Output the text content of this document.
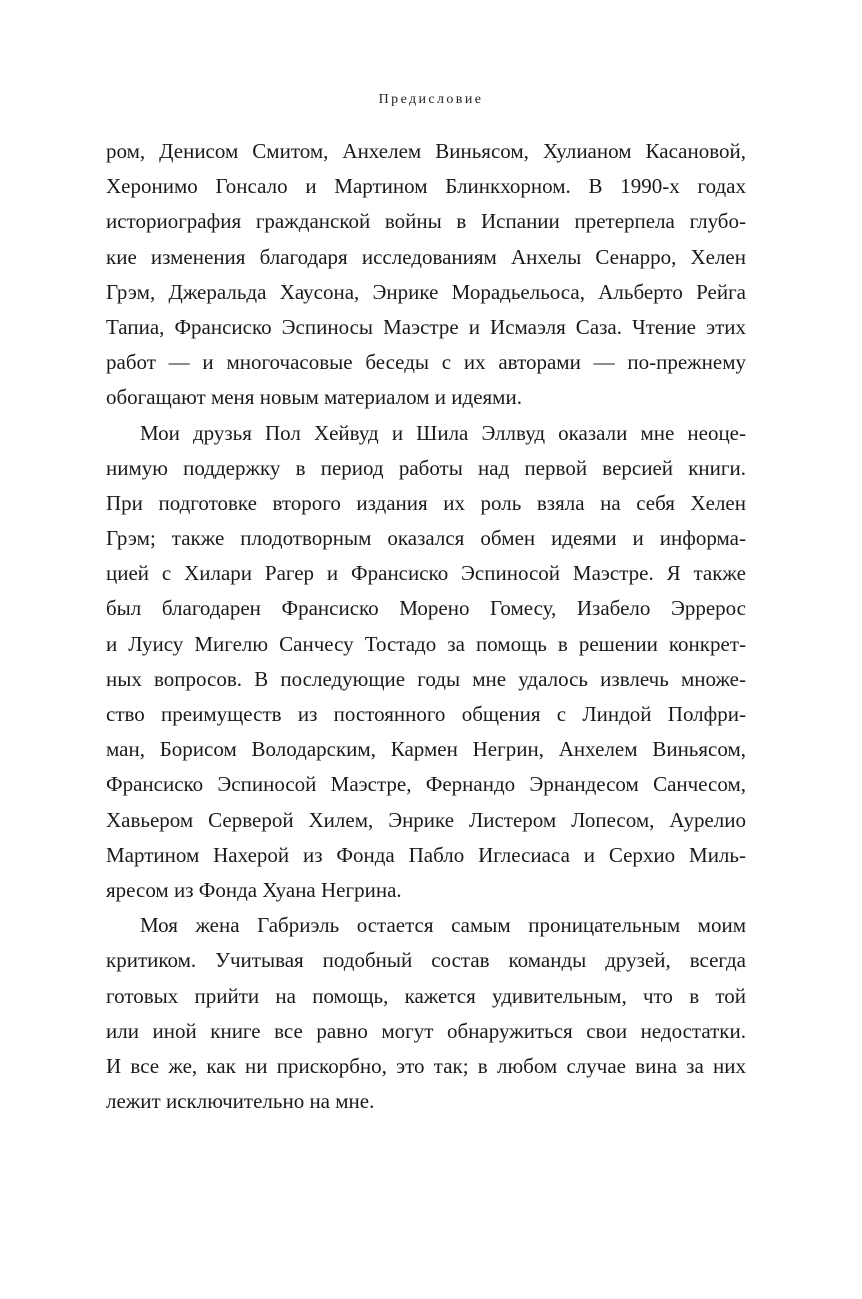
Предисловие
ром, Денисом Смитом, Анхелем Виньясом, Хулианом Касановой,
Херонимо Гонсало и Мартином Блинкхорном. В 1990-х годах
историография гражданской войны в Испании претерпела глубо-
кие изменения благодаря исследованиям Анхелы Сенарро, Хелен
Грэм, Джеральда Хаусона, Энрике Морадьельоса, Альберто Рейга
Тапиа, Франсиско Эспиносы Маэстре и Исмаэля Саза. Чтение этих
работ — и многочасовые беседы с их авторами — по-прежнему
обогащают меня новым материалом и идеями.
Мои друзья Пол Хейвуд и Шила Эллвуд оказали мне неоце-
нимую поддержку в период работы над первой версией книги.
При подготовке второго издания их роль взяла на себя Хелен
Грэм; также плодотворным оказался обмен идеями и информа-
цией с Хилари Рагер и Франсиско Эспиносой Маэстре. Я также
был благодарен Франсиско Морено Гомесу, Изабело Эррерос
и Луису Мигелю Санчесу Тостадо за помощь в решении конкрет-
ных вопросов. В последующие годы мне удалось извлечь множе-
ство преимуществ из постоянного общения с Линдой Полфри-
ман, Борисом Володарским, Кармен Негрин, Анхелем Виньясом,
Франсиско Эспиносой Маэстре, Фернандо Эрнандесом Санчесом,
Хавьером Серверой Хилем, Энрике Листером Лопесом, Аурелио
Мартином Нахерой из Фонда Пабло Иглесиаса и Серхио Миль-
яресом из Фонда Хуана Негрина.
Моя жена Габриэль остается самым проницательным моим
критиком. Учитывая подобный состав команды друзей, всегда
готовых прийти на помощь, кажется удивительным, что в той
или иной книге все равно могут обнаружиться свои недостатки.
И все же, как ни прискорбно, это так; в любом случае вина за них
лежит исключительно на мне.
